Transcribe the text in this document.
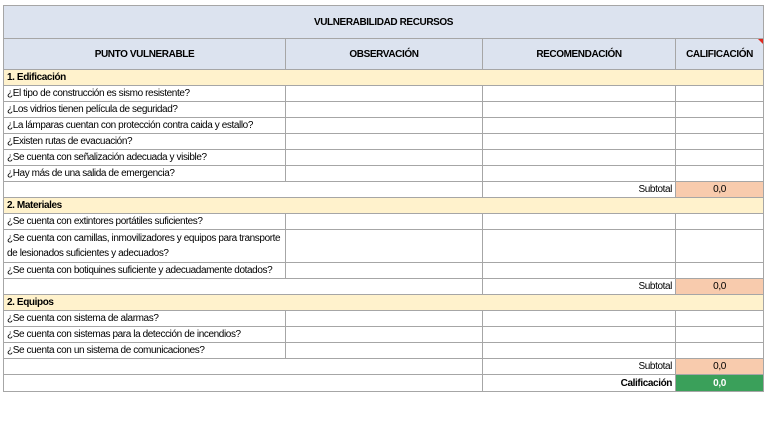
VULNERABILIDAD RECURSOS			
PUNTO VULNERABLE	OBSERVACIÓN	RECOMENDACIÓN	CALIFICACIÓN

1. Edificación			
¿El tipo de construcción es sismo resistente?			
¿Los vidrios tienen película de seguridad?			
¿La lámparas cuentan con protección contra caida y estallo?			
¿Existen rutas de evacuación?			
¿Se cuenta con señalización adecuada y visible?			
¿Hay más de una salida de emergencia?			
		Subtotal	0,0
2. Materiales			
¿Se cuenta con extintores portátiles suficientes?			
¿Se cuenta con camillas, inmovilizadores y equipos para transporte de lesionados suficientes y adecuados?			
¿Se cuenta con botiquines suficiente y adecuadamente dotados?			
		Subtotal	0,0
2. Equipos			
¿Se cuenta con sistema de alarmas?			
¿Se cuenta con sistemas para la detección de incendios?			
¿Se cuenta con un sistema de comunicaciones?			
		Subtotal	0,0
		Calificación	0,0
